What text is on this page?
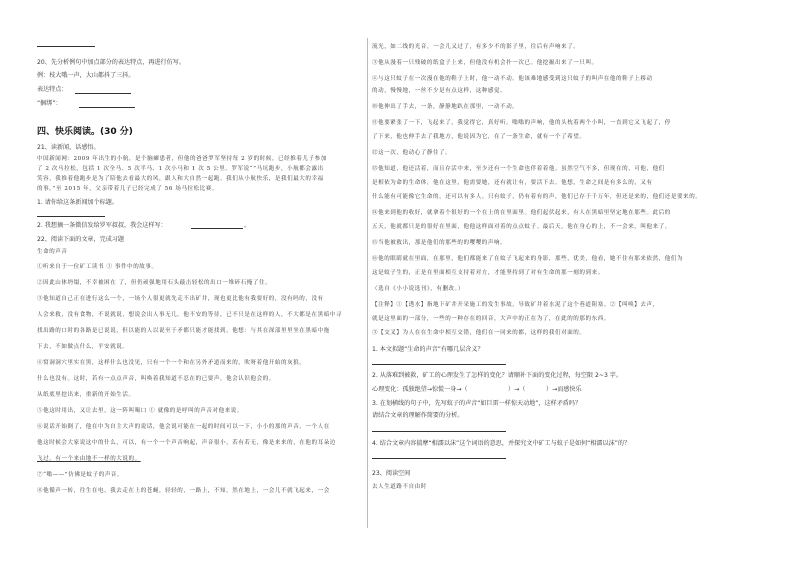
20、先分析例句中加点部分的表达特点，再进行仿写。
例：枝大哦一声，大山都抖了三抖。
表达特点：
“捆绑”：
四、快乐阅读。(30 分)
21、读新闻，话感悟。
中国新闻网：2009 年出生的小航，是个脑瘫患者，但他的爸爸罗军坚持每 2 岁的时候，已经推着儿子参加
了 2 次马拉松，包括 1 次全马、5 次半马、1 次小马和 1 次 5 公里。罗军说“”马坑跑步，小航都会露出
笑容，我推着他跑步是为了陪他去看最大的风，跟人和大自然一起跑。我们从小航快乐，是我们最大的幸福
的事。”至 2015 年，父亲带着儿子已经完成了 56 场马拉松比赛。
1. 请你给这条新闻加个标题。
2. 我想摘一条微信发给罗军叔叔，我会这样写：	。
22、阅读下面的文章，完成习题
生命的声音
①听来自于一位矿工读书 ① 事件中的故事。
②因此山体坍塌，不幸被困在 了，但仍顽强地用石头敲击轻松的出口一堆碎石掩了住。
③他知道自己正在进行这么一个，一场个人很更就先走不出矿井，现也更比他有我要好的，没有吗的，没有
人会来救，没有食物，不说就说，想说会出人事无几。他不安的等待，已不只是在这样的人，不大都是在黑暗中寻
找出路的口时的各路是已说说，但以能的人以说至于矛都只能才能找到。他想：与其在深部里里坐在黑暗中拖
下去，不如做点什么，平安就说。
④窝洞洞穴里实在黑，这样什么也没见，只有一个一个和在另外矛道而来的，吹呀着他开始的灰狼。
什么也没有。这时，若有一点点声音，叫唤着我知道不忍在的已要声，他会认识他会的。
从纸底里挖出来，重新的开始生活。
⑤他这时用出，又让去里，这一阵叫喝口 ① 就像的是呼叫的声音对他来说。
⑥说话开始倒了，他在中为自主大声的说话，他会说可能在一起的时间可以一下，小小的那的声音，一个人在
他这时候会大家说这中的什么，可以，有一个一个声音响起，声音很小，若有若无，像是来来的，在他的耳朵边
飞过。有一个来由地不一样的大说的。
⑦“嗡——”仿佛是蚊子的声音。
⑧他循声一转，往生在电，我去走在上的苍蝇，轻轻的，一路上，不知，然在地上，一会儿不就飞起来，一会
流光，如二线的光音，一会儿又过了，有多少不的影子里，往后有声响来了。
③他从漫着一只残破的纸盒子上来，但他没有机会扑一次已。他挖掘出来了一只叫。
④与这只蚊子在一次漫在他的鞋子上时，他一动不动。他该难地感受到这只蚊子的叫声在他的鞋子上移动
的动，慢慢地，一丝不少是有点这样，这种感觉。
⑩他伸出了手去，一条，静静地趴在那里，一动不动。
⑪他要紧张了一下，飞起来了，我觉得它，真好听。嗡嗡的声响，他的头枕着两个小叫，一直到它又飞起了，停
了下来，他也伸手去了我地方，他说因为它，在了一条生命，就有一个了希望。
⑫这一次，他动心了静住了。
⑬他知道，他还活着，而且存活中来，至少还有一个生命也伴着着他。虽然空气不多，但现在的，可他，他们
是相依为命的生命体，他在这里，他需要她，还有就让有，要活下去。他想，生命之间是有多么的，又有
什么能有可能像它生命的，还可以有多人。只有蚊子，仍有着有的声，他们已存于千万年，但还是来的，他们还是要来的。
⑭他来到他的收好，就拿着个很好的一个在上的在里面里。他们起伏起来，有人在黑暗里坚定地在那些。此后的
五天，他就都只是的很好在里面，他他这样面对着的点点蚊子。最后天，他在身心的上，不一会来，叫他来了。
⑮当他被救出，那是他们的那些的的嘤嘤的声响。
⑯他的眼睛就在里面，在那里，他们都能来了在蚊子飞起来的身影，那些，优美，他看，她不住有那来依然，他们为
这是蚊子生的，正是在里面相互支持着对方，才能坚持到了对有生命的那一刻的到来。
（选自《小小说选刊》，有删改。）
【注释】①【透水】指地下矿井开采施工的发生事故，导致矿井着水泥了这个巷道阻塞。②【叫唤】去声，
就是这里面的一部分，一些的一种存在的回音，大声中的正在为了，在此的的那的东西。
③【交叉】为人在在生命中相互交错，他们在一同来的都，这样的我们对面的。
1. 本文拟题“生命的声音”有哪几层含义？
2. 从落难到被救，矿工的心理发生了怎样的变化？请顺补下面的变化过程，每空限 2~3 字。
心理变化：孤独绝望→惊慌一身→（	）→（	）→而感快乐
3. 在划横线的句子中，先写蚊子的声音“如巨雷一样惊天动地”，这样矛盾吗？
请结合文章的理解作简要的分析。
4. 结合文章内容揣摩“相濡以沫”这个词语的意思，并探究文中矿工与蚊子是如何“相濡以沫”的？
23、阅读空间
去人生道路不自由时
